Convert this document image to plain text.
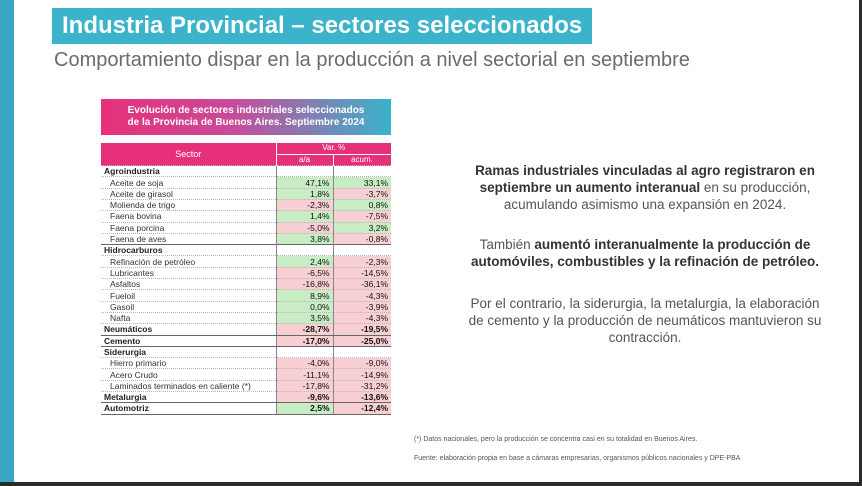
Industria Provincial – sectores seleccionados
Comportamiento dispar en la producción a nivel sectorial en septiembre
Evolución de sectores industriales seleccionados
de la Provincia de Buenos Aires. Septiembre 2024
Sector	Var. %	
	a/a	acum.
Agroindustria		
Aceite de soja	47,1%	33,1%
Aceite de girasol	1,8%	-3,7%
Molienda de trigo	-2,3%	0,8%
Faena bovina	1,4%	-7,5%
Faena porcina	-5,0%	3,2%
Faena de aves	3,8%	-0,8%
Hidrocarburos		
Refinación de petróleo	2,4%	-2,3%
Lubricantes	-6,5%	-14,5%
Asfaltos	-16,8%	-36,1%
Fueloil	8,9%	-4,3%
Gasoil	0,0%	-3,9%
Nafta	3,5%	-4,3%
Neumáticos	-28,7%	-19,5%
Cemento	-17,0%	-25,0%
Siderurgia		
Hierro primario	-4,0%	-9,0%
Acero Crudo	-11,1%	-14,9%
Laminados terminados en caliente (*)	-17,8%	-31,2%
Metalurgia	-9,6%	-13,6%
Automotriz	2,5%	-12,4%
Ramas industriales vinculadas al agro registraron en septiembre un aumento interanual en su producción, acumulando asimismo una expansión en 2024.
También aumentó interanualmente la producción de automóviles, combustibles y la refinación de petróleo.
Por el contrario, la siderurgia, la metalurgia, la elaboración de cemento y la producción de neumáticos mantuvieron su contracción.
(*) Datos nacionales, pero la producción se concentra casi en su totalidad en Buenos Aires.
Fuente: elaboración propia en base a cámaras empresarias, organismos públicos nacionales y DPE-PBA
